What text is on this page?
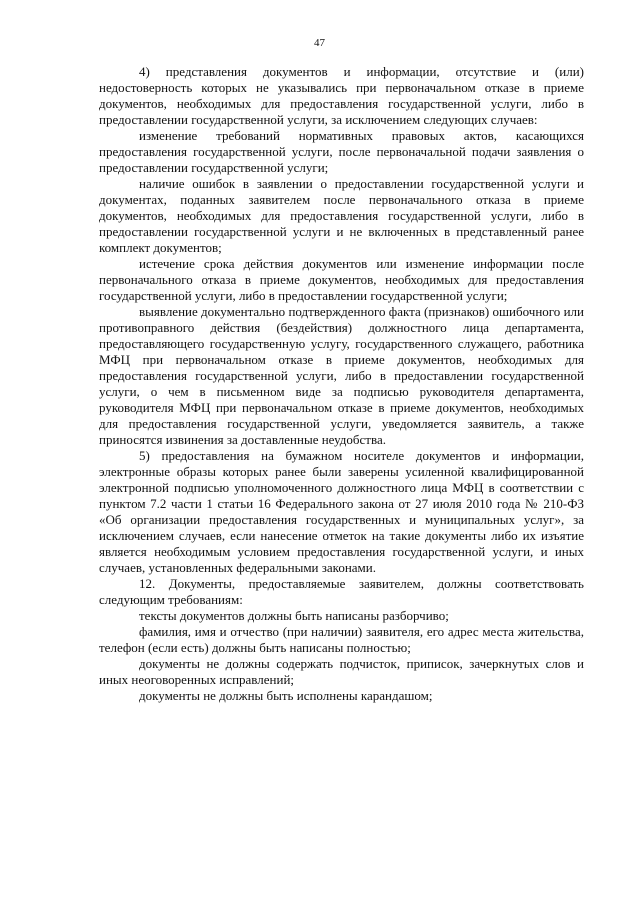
47

4) представления документов и информации, отсутствие и (или) недостоверность которых не указывались при первоначальном отказе в приеме документов, необходимых для предоставления государственной услуги, либо в предоставлении государственной услуги, за исключением следующих случаев:

изменение требований нормативных правовых актов, касающихся предоставления государственной услуги, после первоначальной подачи заявления о предоставлении государственной услуги;

наличие ошибок в заявлении о предоставлении государственной услуги и документах, поданных заявителем после первоначального отказа в приеме документов, необходимых для предоставления государственной услуги, либо в предоставлении государственной услуги и не включенных в представленный ранее комплект документов;

истечение срока действия документов или изменение информации после первоначального отказа в приеме документов, необходимых для предоставления государственной услуги, либо в предоставлении государственной услуги;

выявление документально подтвержденного факта (признаков) ошибочного или противоправного действия (бездействия) должностного лица департамента, предоставляющего государственную услугу, государственного служащего, работника МФЦ при первоначальном отказе в приеме документов, необходимых для предоставления государственной услуги, либо в предоставлении государственной услуги, о чем в письменном виде за подписью руководителя департамента, руководителя МФЦ при первоначальном отказе в приеме документов, необходимых для предоставления государственной услуги, уведомляется заявитель, а также приносятся извинения за доставленные неудобства.

5) предоставления на бумажном носителе документов и информации, электронные образы которых ранее были заверены усиленной квалифицированной электронной подписью уполномоченного должностного лица МФЦ в соответствии с пунктом 7.2 части 1 статьи 16 Федерального закона от 27 июля 2010 года № 210-ФЗ «Об организации предоставления государственных и муниципальных услуг», за исключением случаев, если нанесение отметок на такие документы либо их изъятие является необходимым условием предоставления государственной услуги, и иных случаев, установленных федеральными законами.

12. Документы, предоставляемые заявителем, должны соответствовать следующим требованиям:

тексты документов должны быть написаны разборчиво;

фамилия, имя и отчество (при наличии) заявителя, его адрес места жительства, телефон (если есть) должны быть написаны полностью;

документы не должны содержать подчисток, приписок, зачеркнутых слов и иных неоговоренных исправлений;

документы не должны быть исполнены карандашом;
